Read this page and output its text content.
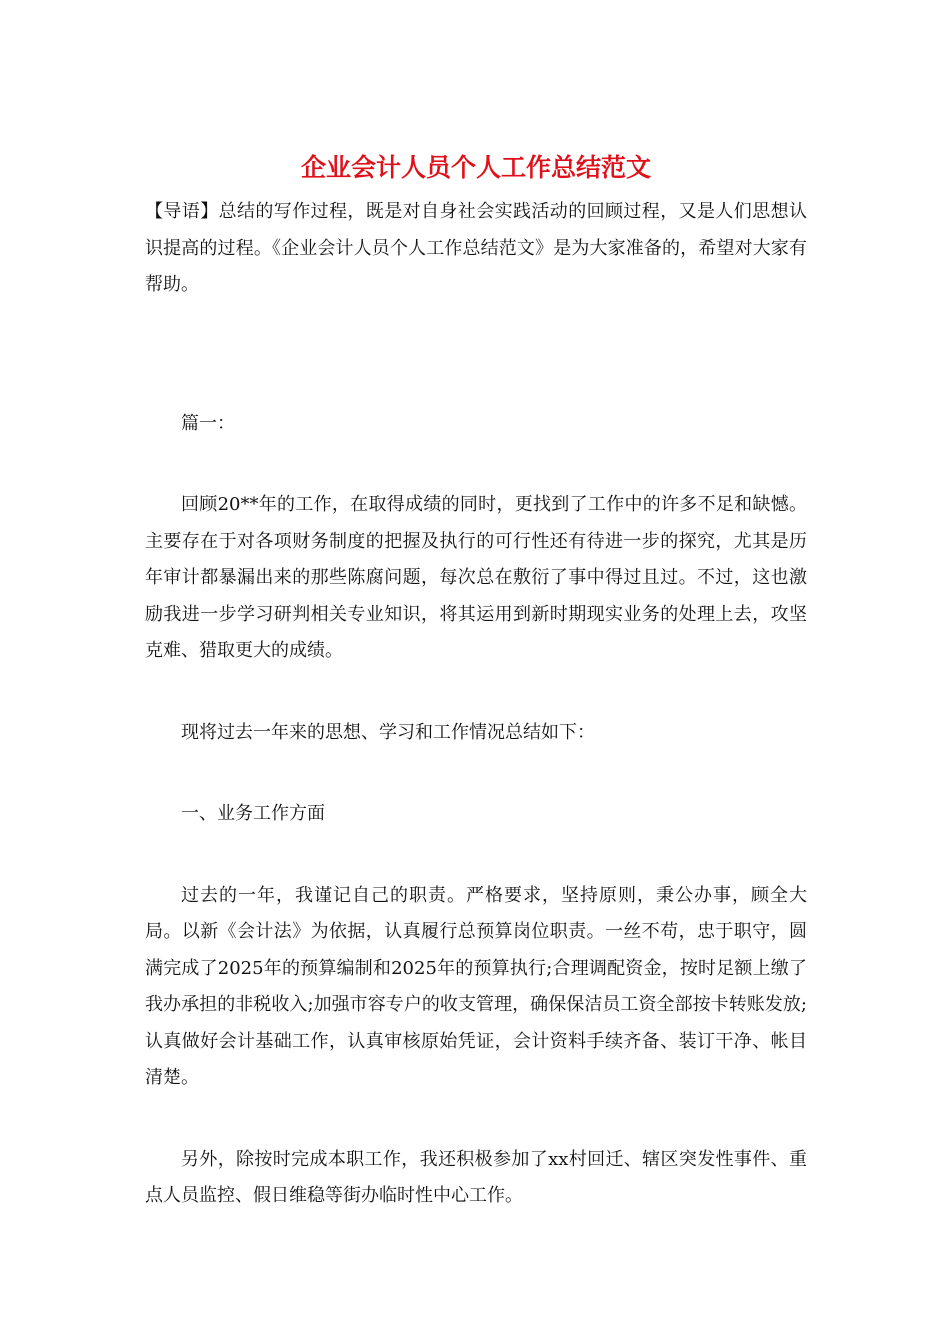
企业会计人员个人工作总结范文

【导语】总结的写作过程，既是对自身社会实践活动的回顾过程，又是人们思想认识提高的过程。《企业会计人员个人工作总结范文》是为大家准备的，希望对大家有帮助。

篇一：

回顾20**年的工作，在取得成绩的同时，更找到了工作中的许多不足和缺憾。主要存在于对各项财务制度的把握及执行的可行性还有待进一步的探究，尤其是历年审计都暴漏出来的那些陈腐问题，每次总在敷衍了事中得过且过。不过，这也激励我进一步学习研判相关专业知识，将其运用到新时期现实业务的处理上去，攻坚克难、猎取更大的成绩。

现将过去一年来的思想、学习和工作情况总结如下：

一、业务工作方面

过去的一年，我谨记自己的职责。严格要求，坚持原则，秉公办事，顾全大局。以新《会计法》为依据，认真履行总预算岗位职责。一丝不苟，忠于职守，圆满完成了2025年的预算编制和2025年的预算执行;合理调配资金，按时足额上缴了我办承担的非税收入;加强市容专户的收支管理，确保保洁员工资全部按卡转账发放;认真做好会计基础工作，认真审核原始凭证，会计资料手续齐备、装订干净、帐目清楚。

另外，除按时完成本职工作，我还积极参加了xx村回迁、辖区突发性事件、重点人员监控、假日维稳等街办临时性中心工作。
